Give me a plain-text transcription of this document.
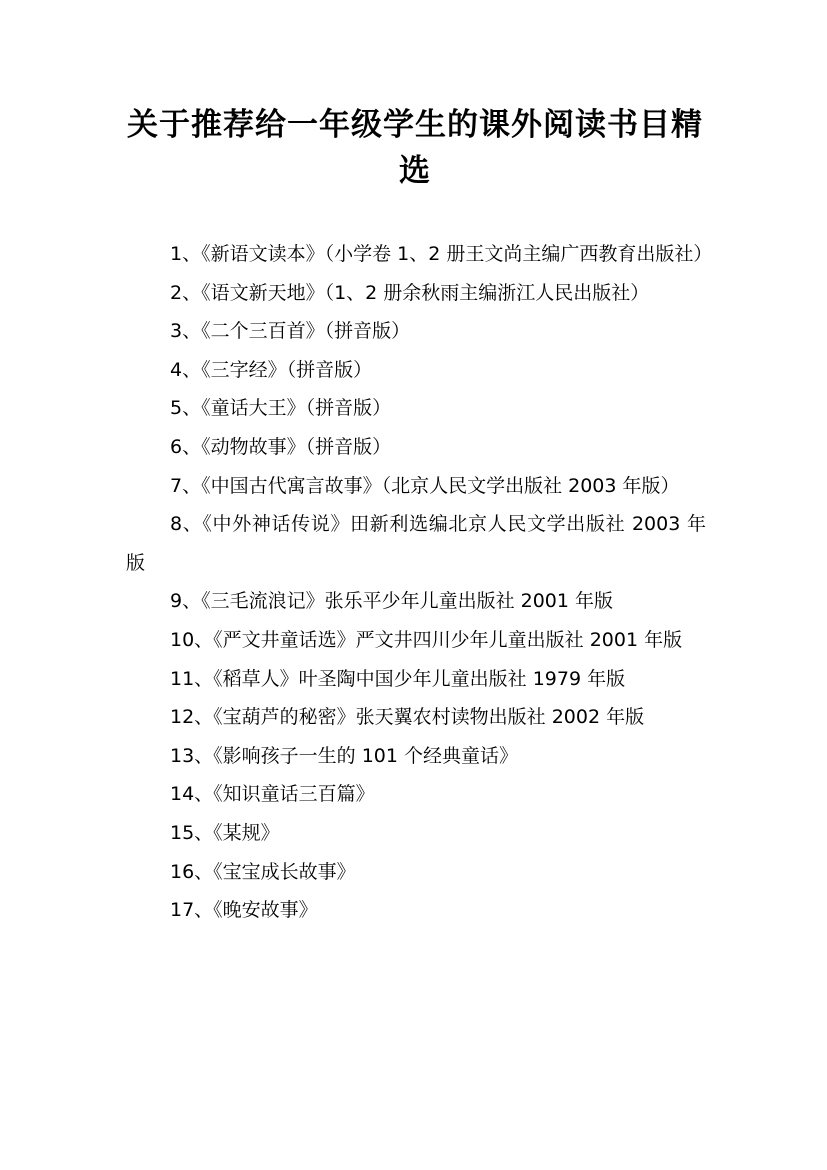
关于推荐给一年级学生的课外阅读书目精选
1、《新语文读本》（小学卷 1、2 册王文尚主编广西教育出版社）
2、《语文新天地》（1、2 册余秋雨主编浙江人民出版社）
3、《二个三百首》（拼音版）
4、《三字经》（拼音版）
5、《童话大王》（拼音版）
6、《动物故事》（拼音版）
7、《中国古代寓言故事》（北京人民文学出版社 2003 年版）
8、《中外神话传说》田新利选编北京人民文学出版社 2003 年版
9、《三毛流浪记》张乐平少年儿童出版社 2001 年版
10、《严文井童话选》严文井四川少年儿童出版社 2001 年版
11、《稻草人》叶圣陶中国少年儿童出版社 1979 年版
12、《宝葫芦的秘密》张天翼农村读物出版社 2002 年版
13、《影响孩子一生的 101 个经典童话》
14、《知识童话三百篇》
15、《某规》
16、《宝宝成长故事》
17、《晚安故事》
